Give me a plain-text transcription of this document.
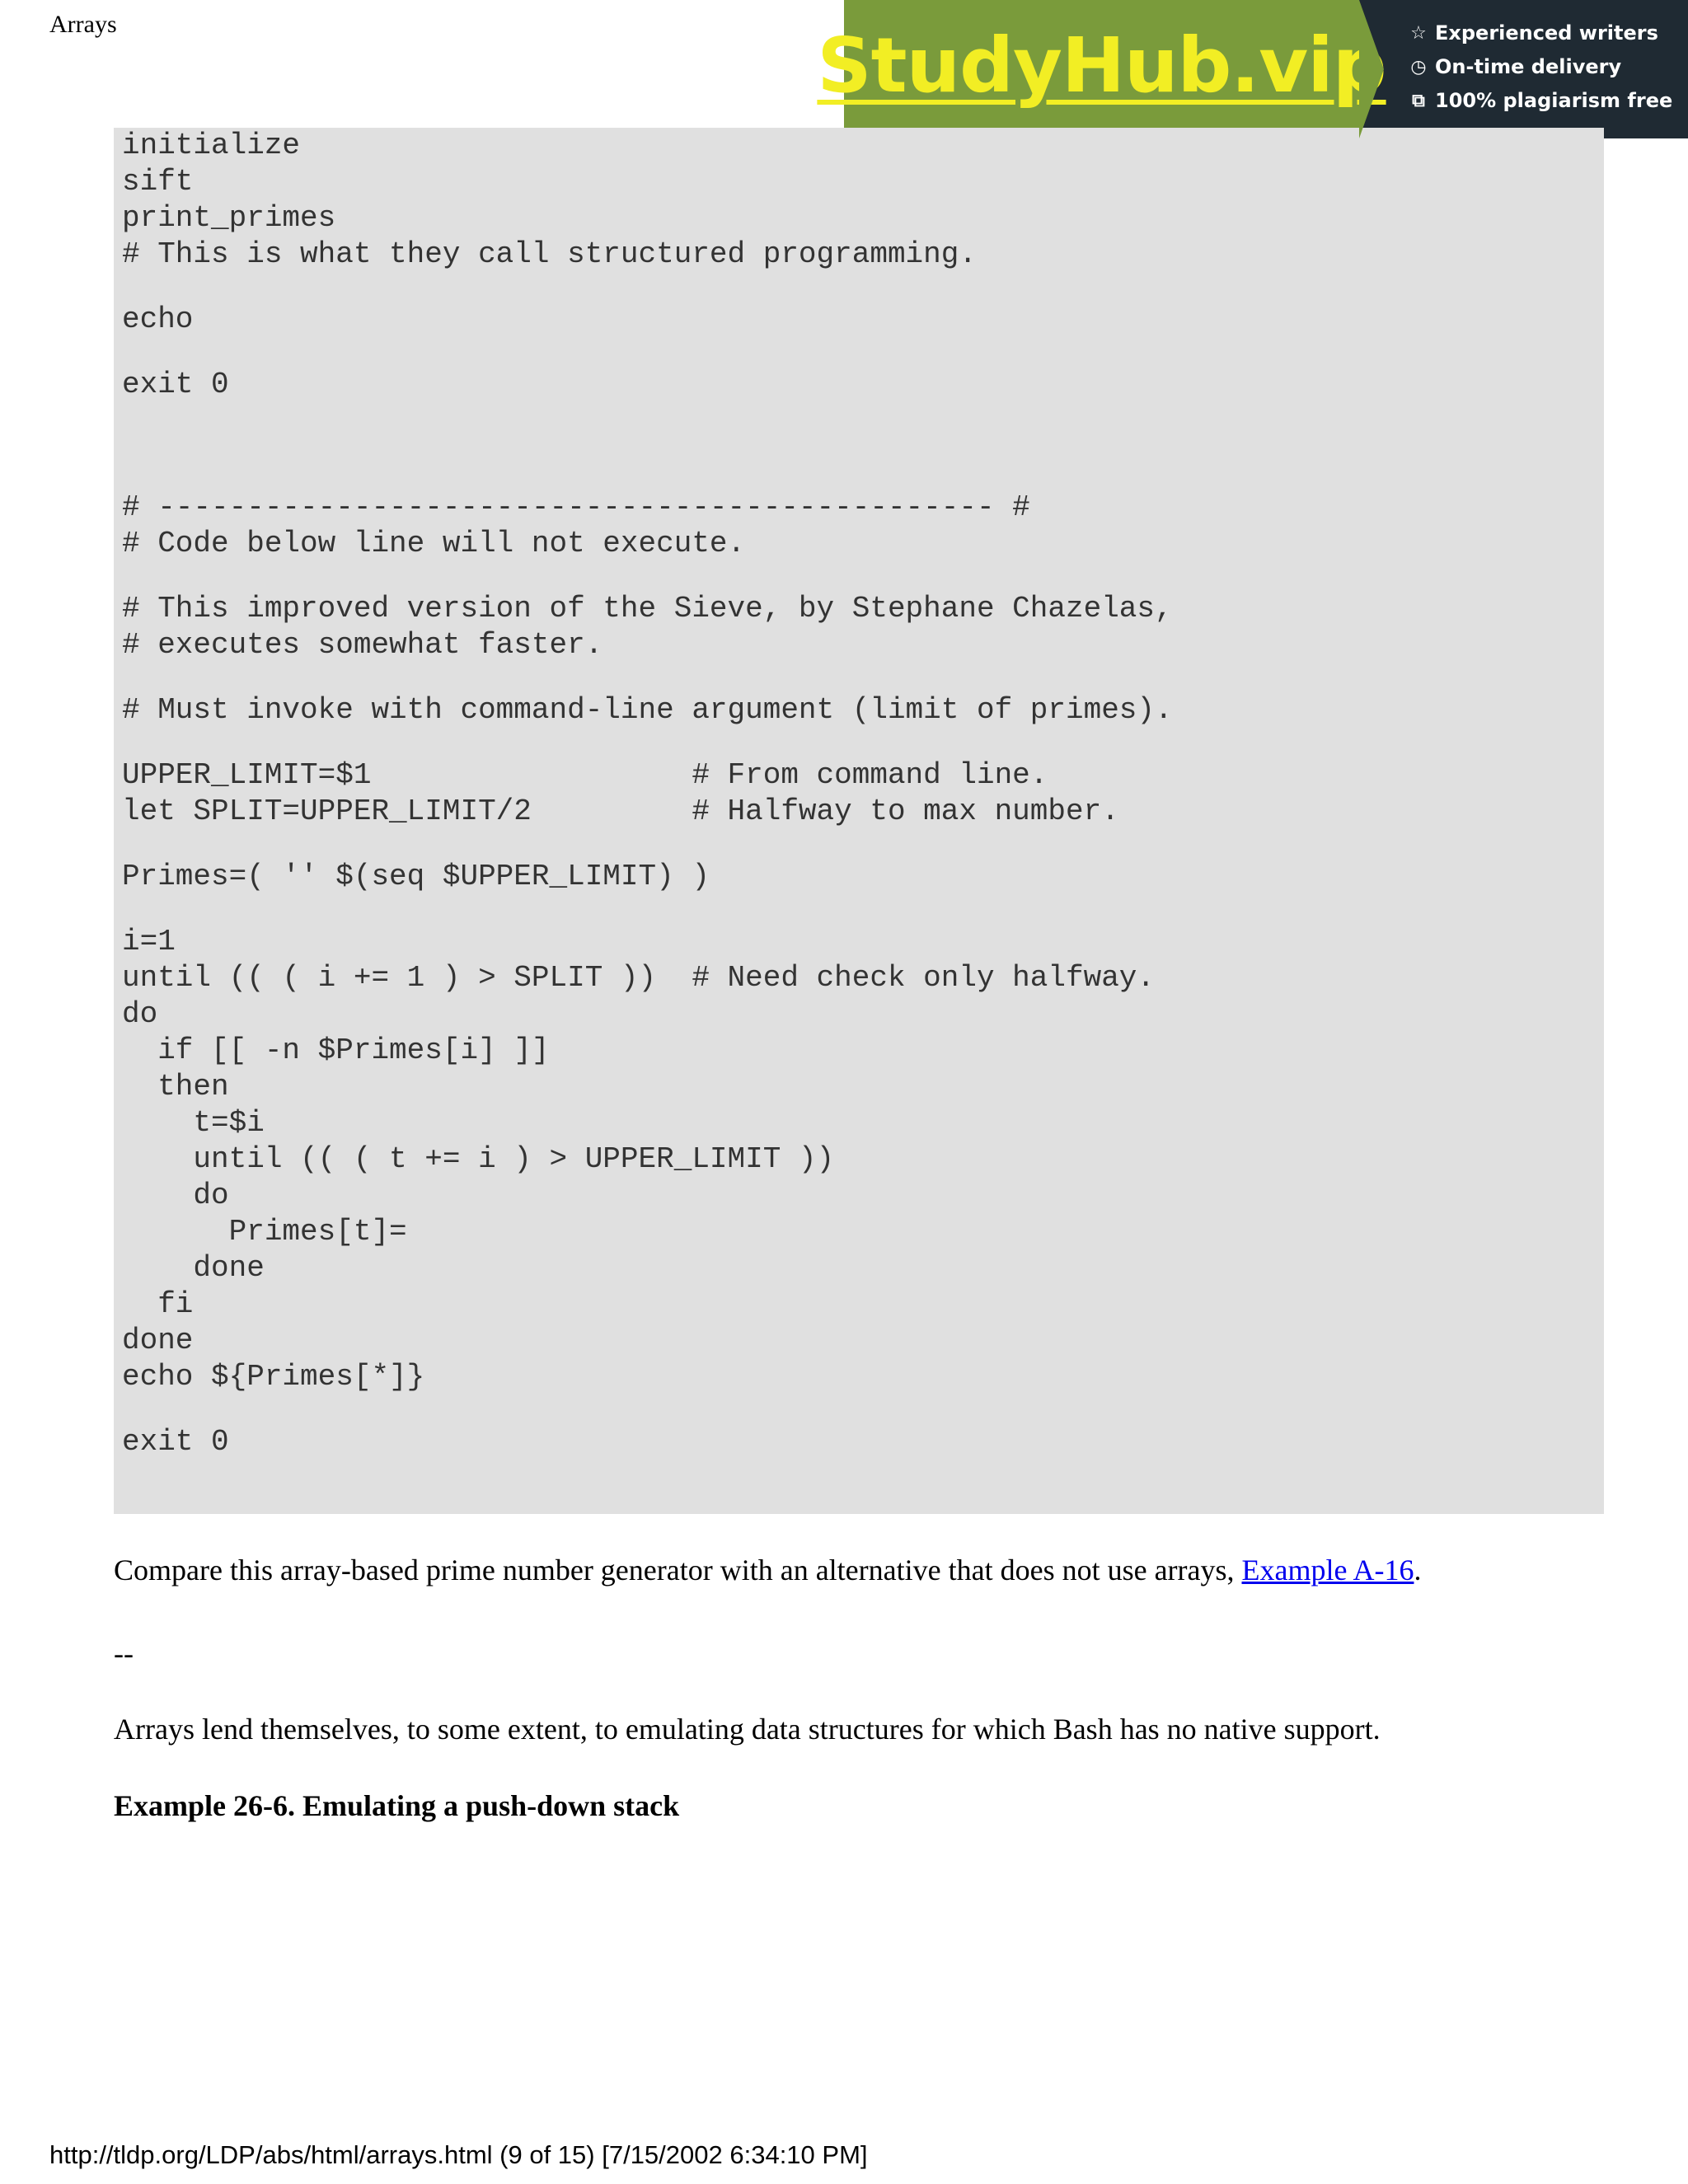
Arrays	StudyHub.vip ☆ Experienced writers
◷ On-time delivery
⧉ 100% plagiarism free
initialize
sift
print_primes
# This is what they call structured programming.
echo
exit 0
# ----------------------------------------------- #
# Code below line will not execute.
# This improved version of the Sieve, by Stephane Chazelas,
# executes somewhat faster.
# Must invoke with command-line argument (limit of primes).
UPPER_LIMIT=$1                  # From command line.
let SPLIT=UPPER_LIMIT/2         # Halfway to max number.
Primes=( '' $(seq $UPPER_LIMIT) )
i=1
until (( ( i += 1 ) > SPLIT ))  # Need check only halfway.
do
if [[ -n $Primes[i] ]]
then
t=$i
until (( ( t += i ) > UPPER_LIMIT ))
do
Primes[t]=
done
fi
done
echo ${Primes[*]}
exit 0

Compare this array-based prime number generator with an alternative that does not use arrays, Example A-16.

--

Arrays lend themselves, to some extent, to emulating data structures for which Bash has no native support.

Example 26-6. Emulating a push-down stack

http://tldp.org/LDP/abs/html/arrays.html (9 of 15) [7/15/2002 6:34:10 PM]
